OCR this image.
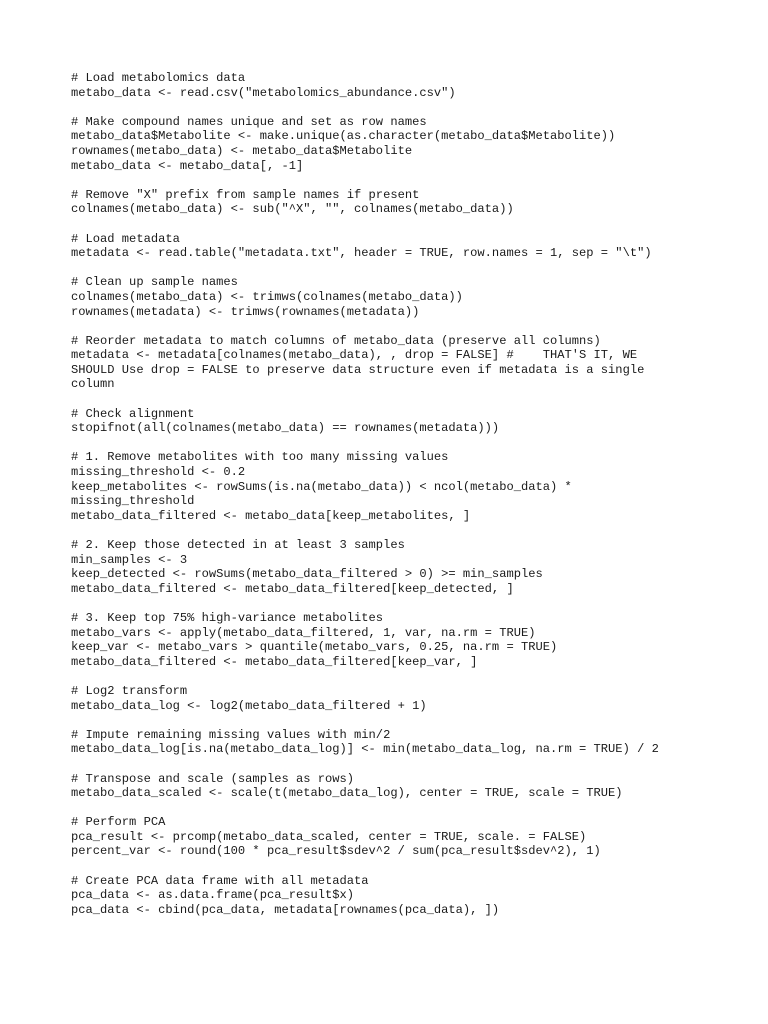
# Load metabolomics data
metabo_data <- read.csv("metabolomics_abundance.csv")
# Make compound names unique and set as row names
metabo_data$Metabolite <- make.unique(as.character(metabo_data$Metabolite))
rownames(metabo_data) <- metabo_data$Metabolite
metabo_data <- metabo_data[, -1]
# Remove "X" prefix from sample names if present
colnames(metabo_data) <- sub("^X", "", colnames(metabo_data))
# Load metadata
metadata <- read.table("metadata.txt", header = TRUE, row.names = 1, sep = "\t")
# Clean up sample names
colnames(metabo_data) <- trimws(colnames(metabo_data))
rownames(metadata) <- trimws(rownames(metadata))
# Reorder metadata to match columns of metabo_data (preserve all columns)
metadata <- metadata[colnames(metabo_data), , drop = FALSE] #    THAT'S IT, WE
SHOULD Use drop = FALSE to preserve data structure even if metadata is a single
column
# Check alignment
stopifnot(all(colnames(metabo_data) == rownames(metadata)))
# 1. Remove metabolites with too many missing values
missing_threshold <- 0.2
keep_metabolites <- rowSums(is.na(metabo_data)) < ncol(metabo_data) *
missing_threshold
metabo_data_filtered <- metabo_data[keep_metabolites, ]
# 2. Keep those detected in at least 3 samples
min_samples <- 3
keep_detected <- rowSums(metabo_data_filtered > 0) >= min_samples
metabo_data_filtered <- metabo_data_filtered[keep_detected, ]
# 3. Keep top 75% high-variance metabolites
metabo_vars <- apply(metabo_data_filtered, 1, var, na.rm = TRUE)
keep_var <- metabo_vars > quantile(metabo_vars, 0.25, na.rm = TRUE)
metabo_data_filtered <- metabo_data_filtered[keep_var, ]
# Log2 transform
metabo_data_log <- log2(metabo_data_filtered + 1)
# Impute remaining missing values with min/2
metabo_data_log[is.na(metabo_data_log)] <- min(metabo_data_log, na.rm = TRUE) / 2
# Transpose and scale (samples as rows)
metabo_data_scaled <- scale(t(metabo_data_log), center = TRUE, scale = TRUE)
# Perform PCA
pca_result <- prcomp(metabo_data_scaled, center = TRUE, scale. = FALSE)
percent_var <- round(100 * pca_result$sdev^2 / sum(pca_result$sdev^2), 1)
# Create PCA data frame with all metadata
pca_data <- as.data.frame(pca_result$x)
pca_data <- cbind(pca_data, metadata[rownames(pca_data), ])
